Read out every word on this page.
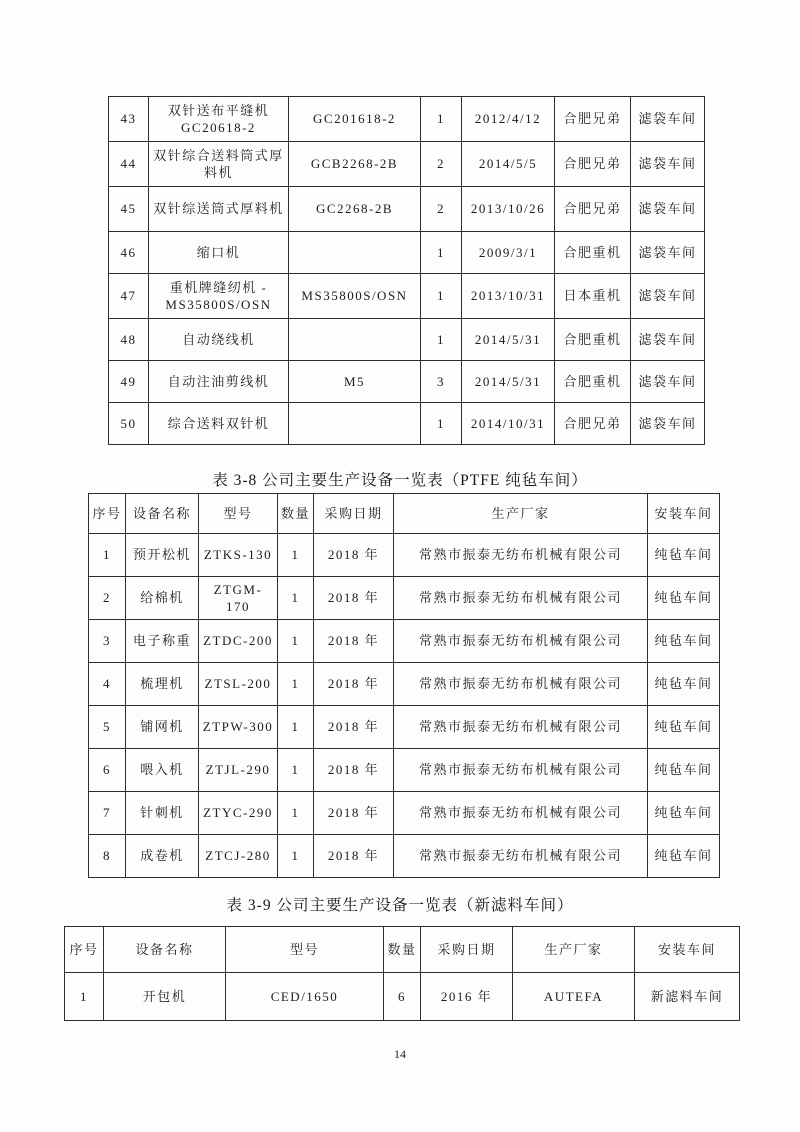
43	双针送布平缝机 GC20618-2	GC201618-2	1	2012/4/12	合肥兄弟	滤袋车间
44	双针综合送料筒式厚料机	GCB2268-2B	2	2014/5/5	合肥兄弟	滤袋车间
45	双针综送筒式厚料机	GC2268-2B	2	2013/10/26	合肥兄弟	滤袋车间
46	缩口机		1	2009/3/1	合肥重机	滤袋车间
47	重机牌缝纫机 -MS35800S/OSN	MS35800S/OSN	1	2013/10/31	日本重机	滤袋车间
48	自动绕线机		1	2014/5/31	合肥重机	滤袋车间
49	自动注油剪线机	M5	3	2014/5/31	合肥重机	滤袋车间
50	综合送料双针机		1	2014/10/31	合肥兄弟	滤袋车间
表 3-8 公司主要生产设备一览表（PTFE 纯毡车间）
序号	设备名称	型号	数量	采购日期	生产厂家	安装车间
1	预开松机	ZTKS-130	1	2018 年	常熟市振泰无纺布机械有限公司	纯毡车间
2	给棉机	ZTGM-170	1	2018 年	常熟市振泰无纺布机械有限公司	纯毡车间
3	电子称重	ZTDC-200	1	2018 年	常熟市振泰无纺布机械有限公司	纯毡车间
4	梳理机	ZTSL-200	1	2018 年	常熟市振泰无纺布机械有限公司	纯毡车间
5	铺网机	ZTPW-300	1	2018 年	常熟市振泰无纺布机械有限公司	纯毡车间
6	喂入机	ZTJL-290	1	2018 年	常熟市振泰无纺布机械有限公司	纯毡车间
7	针刺机	ZTYC-290	1	2018 年	常熟市振泰无纺布机械有限公司	纯毡车间
8	成卷机	ZTCJ-280	1	2018 年	常熟市振泰无纺布机械有限公司	纯毡车间
表 3-9 公司主要生产设备一览表（新滤料车间）
序号	设备名称	型号	数量	采购日期	生产厂家	安装车间
1	开包机	CED/1650	6	2016 年	AUTEFA	新滤料车间
14
